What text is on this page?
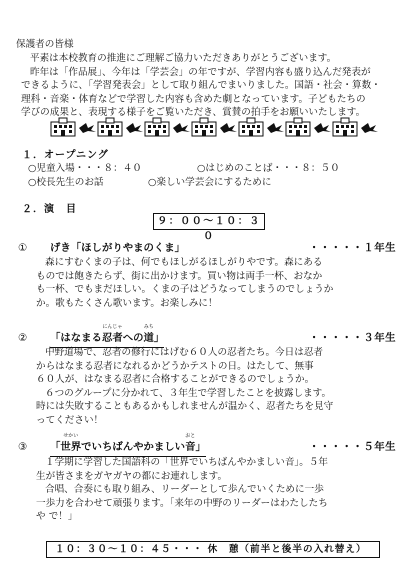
保護者の皆様
平素は本校教育の推進にご理解ご協力いただきありがとうございます。
昨年は「作品展」、今年は「学芸会」の年ですが、学習内容も盛り込んだ発表が
できるように、「学習発表会」として取り組んでまいりました。国語・社会・算数・
理科・音楽・体育などで学習した内容も含めた劇となっています。子どもたちの
学びの成果と、表現する様子をご覧いただき、賞賛の拍手をお願いいたします。
１．オープニング
○児童入場・・・８：４０	○はじめのことば・・・８：５０
○校長先生のお話	○楽しい学芸会にするために
２．演　目
９：００～１０：３０
① げき「ほしがりやまのくま」	・・・・・１年生
森にすむくまの子は、何でもほしがるほしがりやです。森にある
ものでは飽きたらず、街に出かけます。買い物は両手一杯、おなか
も一杯、でもまだほしい。くまの子はどうなってしまうのでしょうか
か。歌もたくさん歌います。お楽しみに！
② 「はなまる
にんじゃ
忍者への
みち
道」	・・・・・３年生
中野道場で、忍者の修行にはげむ６０人の忍者たち。今日は忍者
からはなまる忍者になれるかどうかテストの日。はたして、無事
６０人が、はなまる忍者に合格することができるのでしょうか。
６つのグループに分かれて、３年生で学習したことを披露します。
時には失敗することもあるかもしれませんが温かく、忍者たちを見守
ってください！
③ 「
せかい
世界でいちばんやかましい
おと
音」	・・・・・５年生
１学期に学習した国語科の「世界でいちばんやかましい音」。５年
生が皆さまをガヤガヤの都にお連れします。
合唱、合奏にも取り組み、リーダーとして歩んでいくために一歩
一歩力を合わせて頑張ります。「来年の中野のリーダーはわたしたち
や で！」
１０：３０～１０：４５・・・ 休　憩（前半と後半の入れ替え）
